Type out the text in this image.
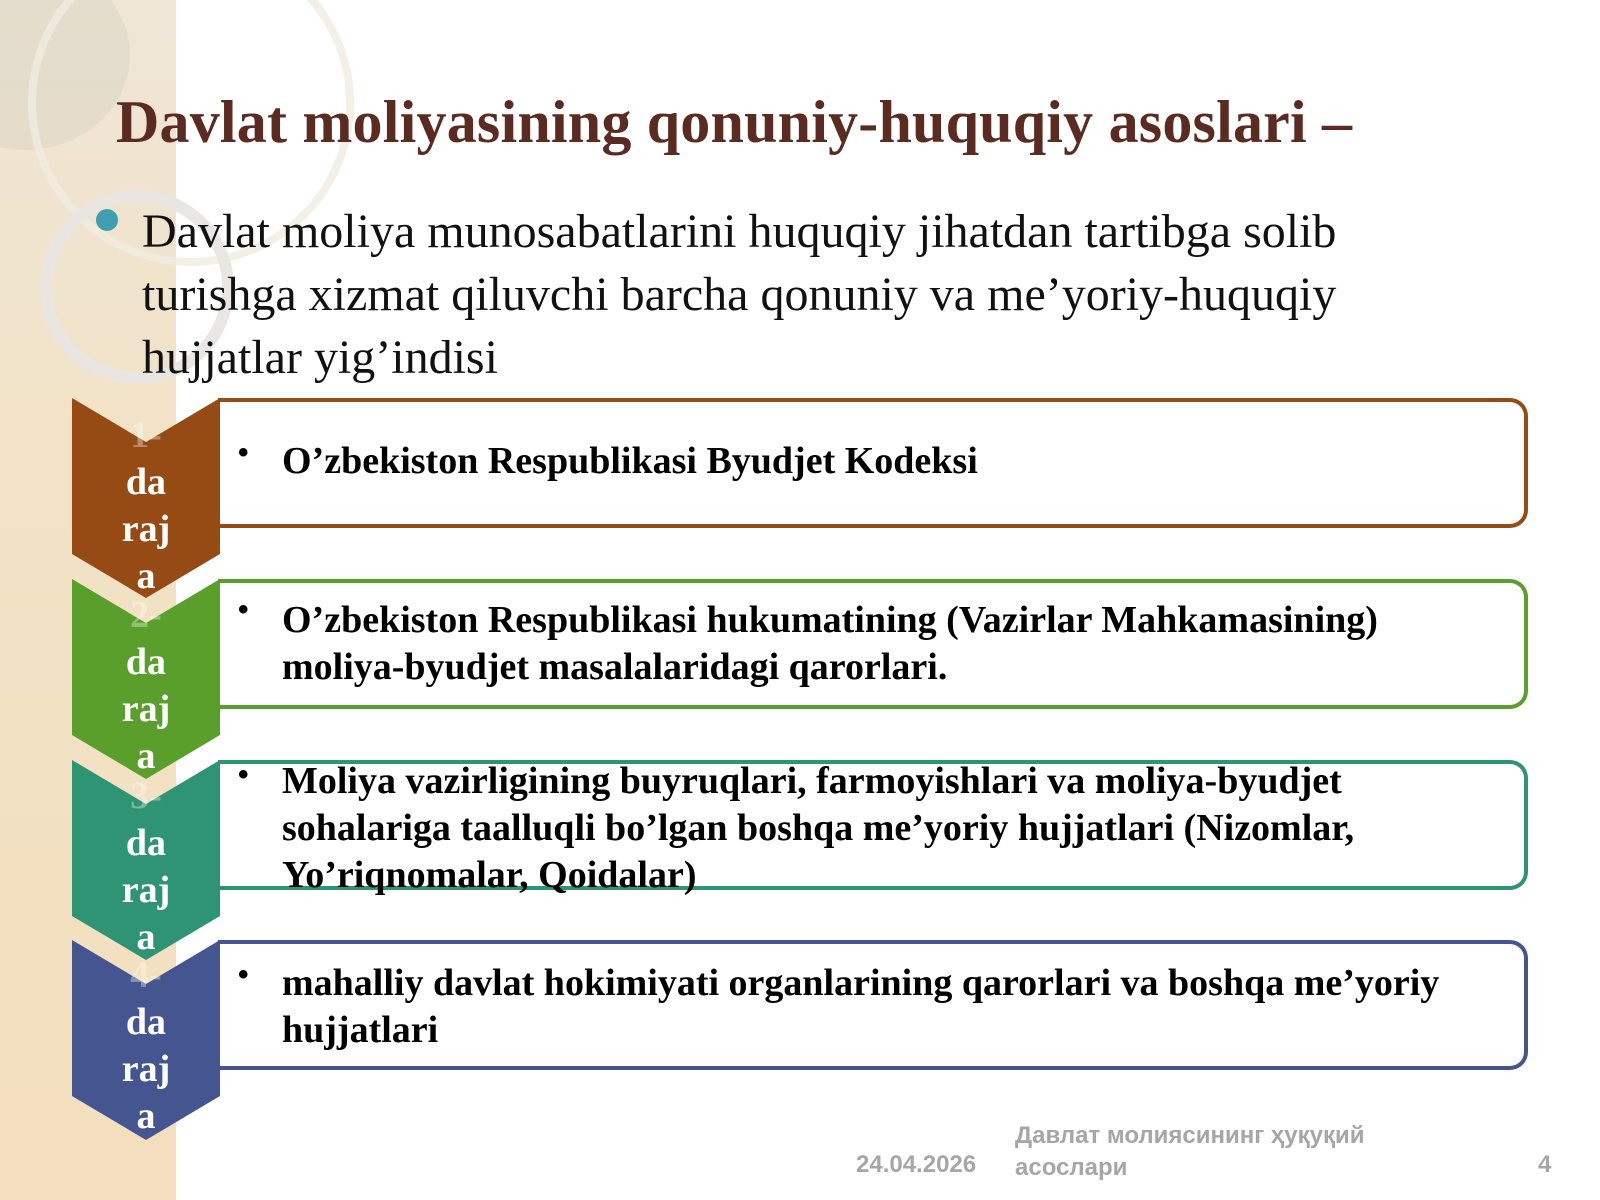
Davlat moliyasining qonuniy-huquqiy asoslari –

Davlat moliya munosabatlarini huquqiy jihatdan tartibga solib turishga xizmat qiluvchi barcha qonuniy va me’yoriy-huquqiy hujjatlar yig’indisi

• O’zbekiston Respublikasi Byudjet Kodeksi

1-
da
raj
a
• O’zbekiston Respublikasi hukumatining (Vazirlar Mahkamasining) moliya-byudjet masalalaridagi qarorlari.

2-
da
raj
a	• Moliya vazirligining buyruqlari, farmoyishlari va moliya-byudjet sohalariga taalluqli bo’lgan boshqa me’yoriy hujjatlari (Nizomlar, Yo’riqnomalar, Qoidalar)

3-
da
raj
a
• mahalliy davlat hokimiyati organlarining qarorlari va boshqa me’yoriy hujjatlari

4-
da
raj
a
24.04.2026
Давлат молиясининг ҳуқуқий асослари	4
